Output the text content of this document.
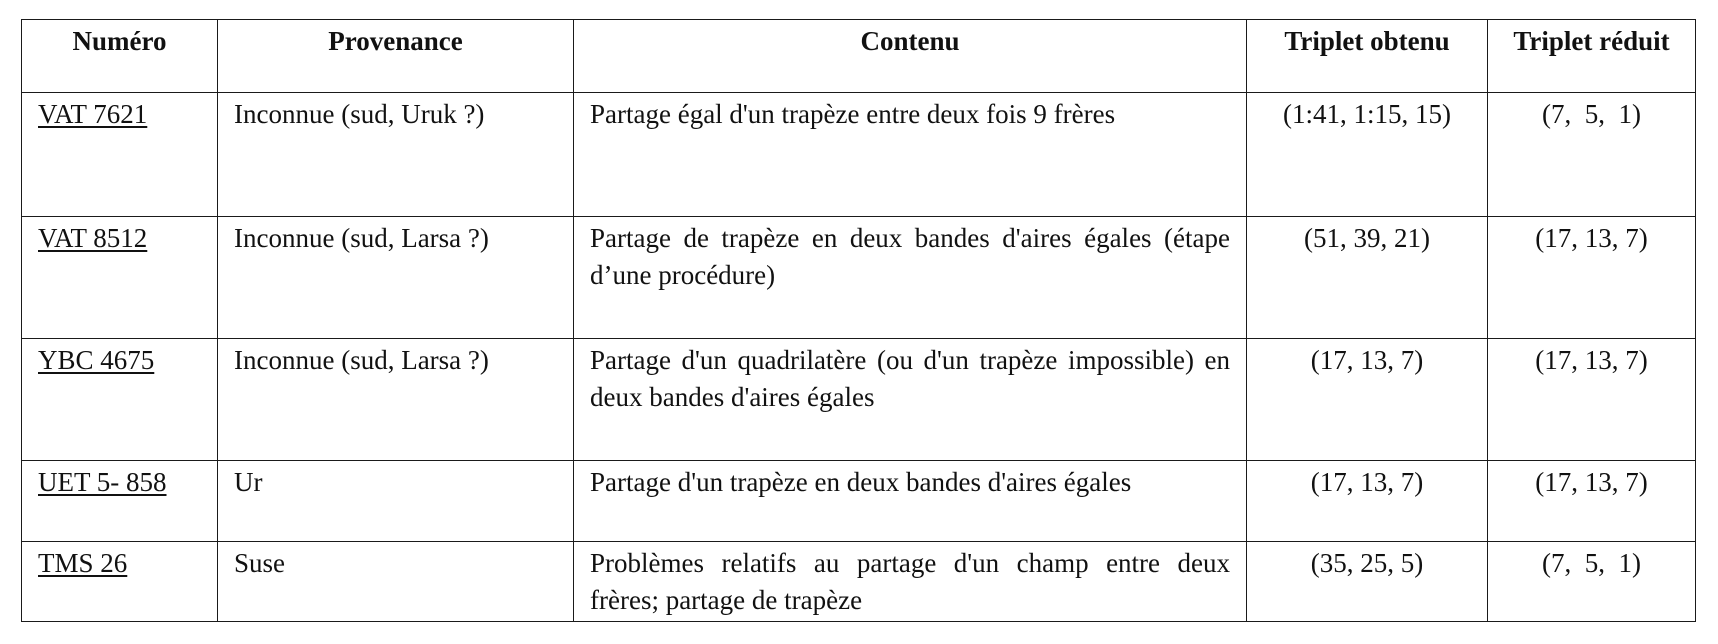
Numéro	Provenance	Contenu	Triplet obtenu	Triplet réduit
VAT 7621	Inconnue (sud, Uruk ?)	Partage égal d'un trapèze entre deux fois 9 frères	(1:41, 1:15, 15)	(7,  5,  1)
VAT 8512	Inconnue (sud, Larsa ?)	Partage de trapèze en deux bandes d'aires égales (étape d’une procédure)	(51, 39, 21)	(17, 13, 7)
YBC 4675	Inconnue (sud, Larsa ?)	Partage d'un quadrilatère (ou d'un trapèze impossible) en deux bandes d'aires égales	(17, 13, 7)	(17, 13, 7)
UET 5- 858	Ur	Partage d'un trapèze en deux bandes d'aires égales	(17, 13, 7)	(17, 13, 7)
TMS 26	Suse	Problèmes relatifs au partage d'un champ entre deux frères; partage de trapèze	(35, 25, 5)	(7,  5,  1)
